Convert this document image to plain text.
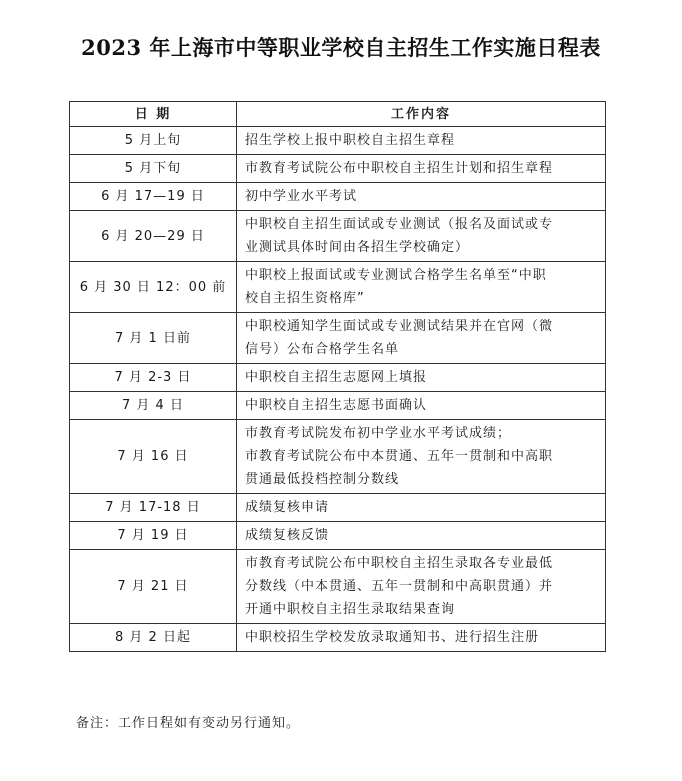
2023 年上海市中等职业学校自主招生工作实施日程表
日 期	工作内容
5 月上旬	招生学校上报中职校自主招生章程

5 月下旬	市教育考试院公布中职校自主招生计划和招生章程

6 月 17—19 日	初中学业水平考试

6 月 20—29 日	中职校自主招生面试或专业测试（报名及面试或专
业测试具体时间由各招生学校确定）

6 月 30 日 12：00 前	中职校上报面试或专业测试合格学生名单至“中职
校自主招生资格库”

7 月 1 日前	中职校通知学生面试或专业测试结果并在官网（微
信号）公布合格学生名单

7 月 2-3 日	中职校自主招生志愿网上填报

7 月 4 日	中职校自主招生志愿书面确认

7 月 16 日	市教育考试院发布初中学业水平考试成绩；
市教育考试院公布中本贯通、五年一贯制和中高职
贯通最低投档控制分数线

7 月 17-18 日	成绩复核申请

7 月 19 日	成绩复核反馈

7 月 21 日	市教育考试院公布中职校自主招生录取各专业最低
分数线（中本贯通、五年一贯制和中高职贯通）并
开通中职校自主招生录取结果查询

8 月 2 日起	中职校招生学校发放录取通知书、进行招生注册
备注：工作日程如有变动另行通知。
